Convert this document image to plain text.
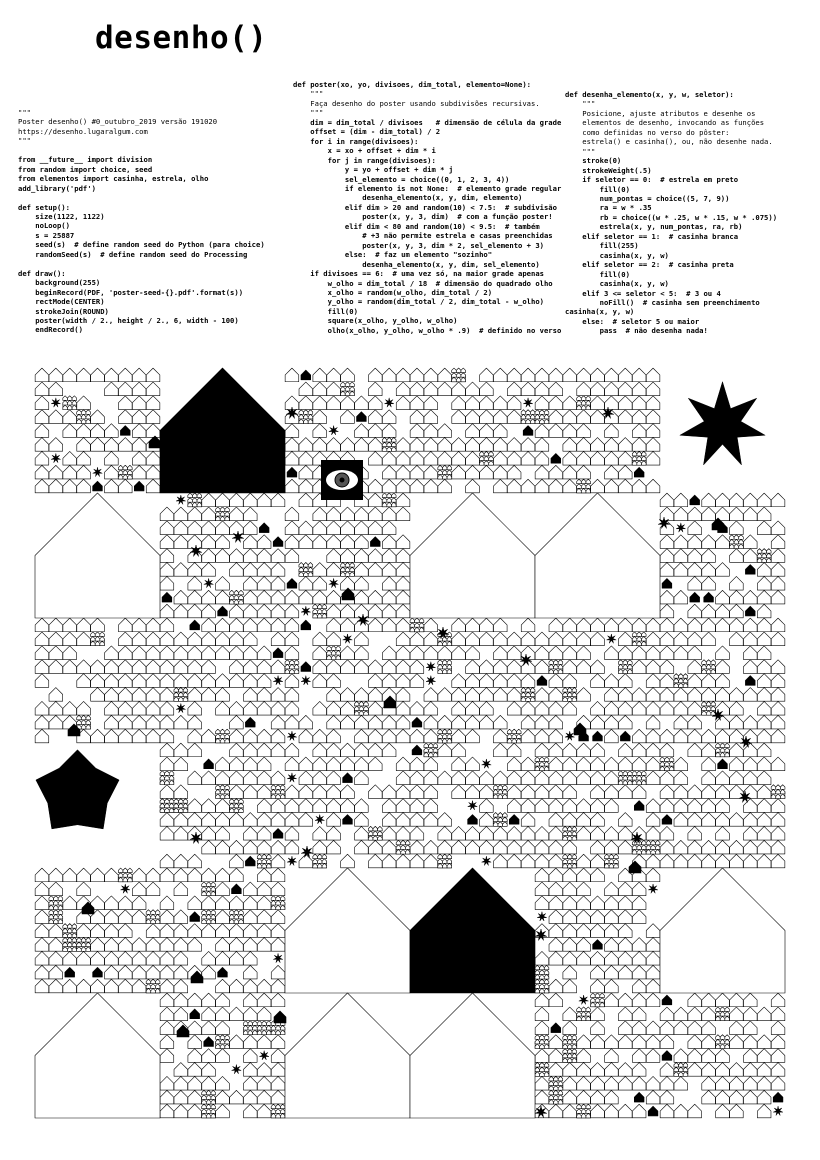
desenho()
"""
Poster desenho() #0_outubro_2019 versão 191020
https://desenho.lugaralgum.com
"""

from __future__ import division
from random import choice, seed
from elementos import casinha, estrela, olho
add_library('pdf')

def setup():
size(1122, 1122)
noLoop()
s = 25887
seed(s)  # define random seed do Python (para choice)
randomSeed(s)  # define random seed do Processing

def draw():
background(255)
beginRecord(PDF, 'poster-seed-{}.pdf'.format(s))
rectMode(CENTER)
strokeJoin(ROUND)
poster(width / 2., height / 2., 6, width - 100)
endRecord()

def poster(xo, yo, divisoes, dim_total, elemento=None):
"""
Faça desenho do poster usando subdivisões recursivas.
"""
dim = dim_total / divisoes   # dimensão de célula da grade
offset = (dim - dim_total) / 2
for i in range(divisoes):
x = xo + offset + dim * i
for j in range(divisoes):
y = yo + offset + dim * j
sel_elemento = choice((0, 1, 2, 3, 4))
if elemento is not None:  # elemento grade regular
desenha_elemento(x, y, dim, elemento)
elif dim > 20 and random(10) < 7.5:  # subdivisão
poster(x, y, 3, dim)  # com a função poster!
elif dim < 80 and random(10) < 9.5:  # também
# +3 não permite estrela e casas preenchidas
poster(x, y, 3, dim * 2, sel_elemento + 3)
else:  # faz um elemento "sozinho"
desenha_elemento(x, y, dim, sel_elemento)
if divisoes == 6:  # uma vez só, na maior grade apenas
w_olho = dim_total / 18  # dimensão do quadrado olho
x_olho = random(w_olho, dim_total / 2)
y_olho = random(dim_total / 2, dim_total - w_olho)
fill(0)
square(x_olho, y_olho, w_olho)
olho(x_olho, y_olho, w_olho * .9)  # definido no verso

def desenha_elemento(x, y, w, seletor):
"""
Posicione, ajuste atributos e desenhe os
elementos de desenho, invocando as funções
como definidas no verso do pôster:
estrela() e casinha(), ou, não desenhe nada.
"""
stroke(0)
strokeWeight(.5)
if seletor == 0:  # estrela em preto
fill(0)
num_pontas = choice((5, 7, 9))
ra = w * .35
rb = choice((w * .25, w * .15, w * .075))
estrela(x, y, num_pontas, ra, rb)
elif seletor == 1:  # casinha branca
fill(255)
casinha(x, y, w)
elif seletor == 2:  # casinha preta
fill(0)
casinha(x, y, w)
elif 3 <= seletor < 5:  # 3 ou 4
noFill()  # casinha sem preenchimento
casinha(x, y, w)
else:  # seletor 5 ou maior
pass  # não desenha nada!
